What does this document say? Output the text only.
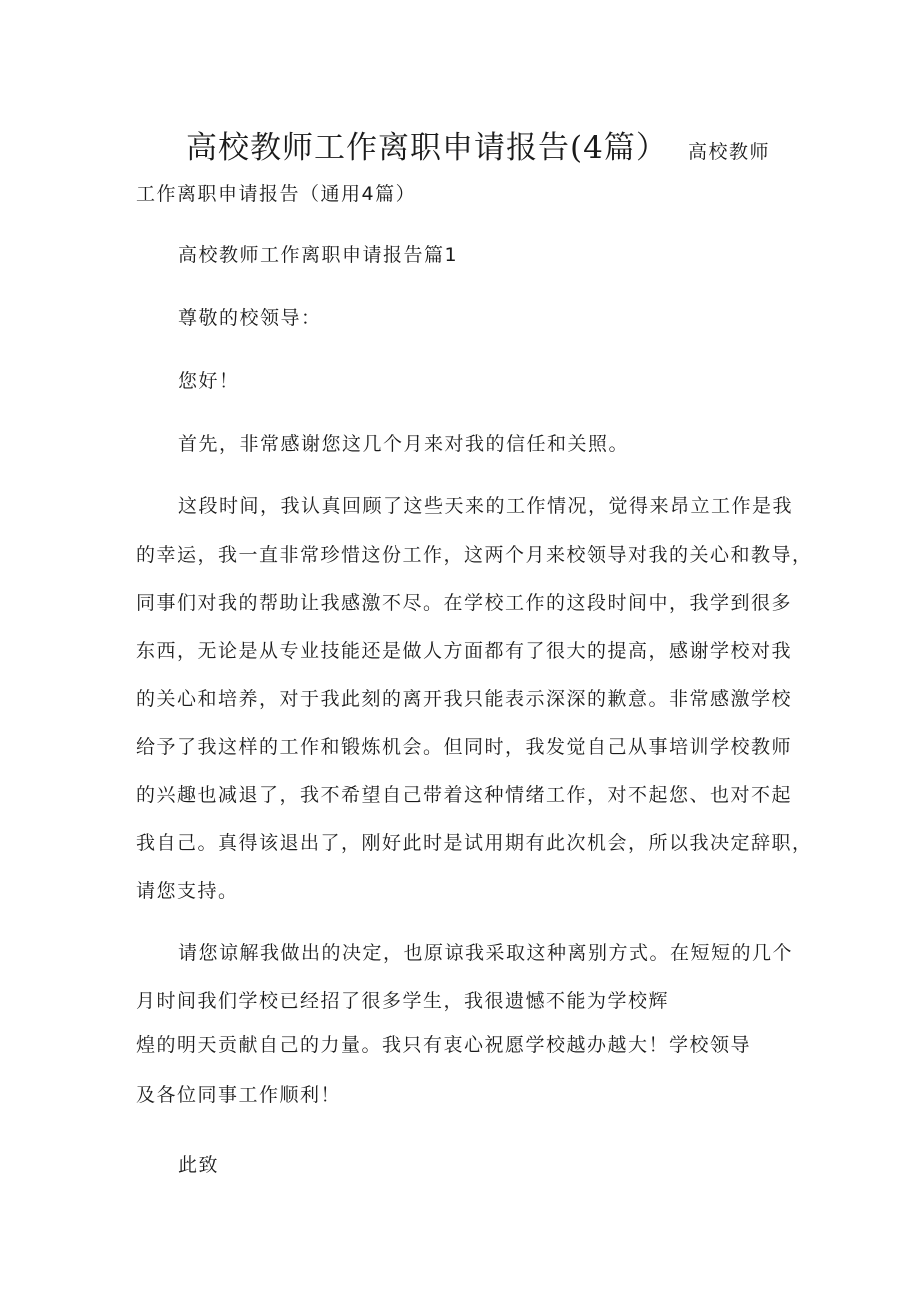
高校教师工作离职申请报告(4篇） 高校教师
工作离职申请报告（通用4篇）
高校教师工作离职申请报告篇1
尊敬的校领导：
您好！
首先，非常感谢您这几个月来对我的信任和关照。
这段时间，我认真回顾了这些天来的工作情况，觉得来昂立工作是我
的幸运，我一直非常珍惜这份工作，这两个月来校领导对我的关心和教导，
同事们对我的帮助让我感激不尽。在学校工作的这段时间中，我学到很多
东西，无论是从专业技能还是做人方面都有了很大的提高，感谢学校对我
的关心和培养，对于我此刻的离开我只能表示深深的歉意。非常感激学校
给予了我这样的工作和锻炼机会。但同时，我发觉自己从事培训学校教师
的兴趣也减退了，我不希望自己带着这种情绪工作，对不起您、也对不起
我自己。真得该退出了，刚好此时是试用期有此次机会，所以我决定辞职，
请您支持。
请您谅解我做出的决定，也原谅我采取这种离别方式。在短短的几个
月时间我们学校已经招了很多学生，我很遗憾不能为学校辉
煌的明天贡献自己的力量。我只有衷心祝愿学校越办越大！学校领导
及各位同事工作顺利！
此致
